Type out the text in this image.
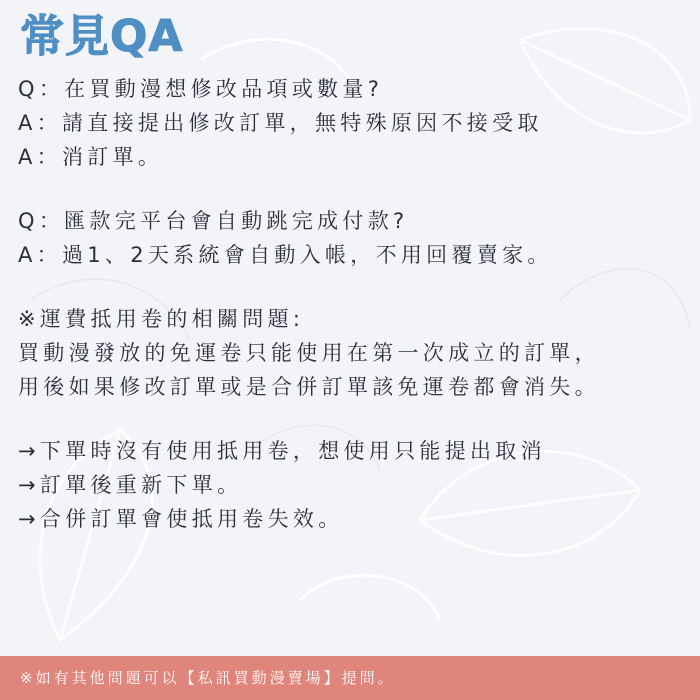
常見QA
Q：在買動漫想修改品項或數量?
A：請直接提出修改訂單，無特殊原因不接受取
A：消訂單。
Q：匯款完平台會自動跳完成付款?
A：過1、2天系統會自動入帳，不用回覆賣家。
※運費抵用卷的相關問題:
買動漫發放的免運卷只能使用在第一次成立的訂單，
用後如果修改訂單或是合併訂單該免運卷都會消失。
→下單時沒有使用抵用卷，想使用只能提出取消
→訂單後重新下單。
→合併訂單會使抵用卷失效。
※如有其他問題可以【私訊買動漫賣場】提問。
